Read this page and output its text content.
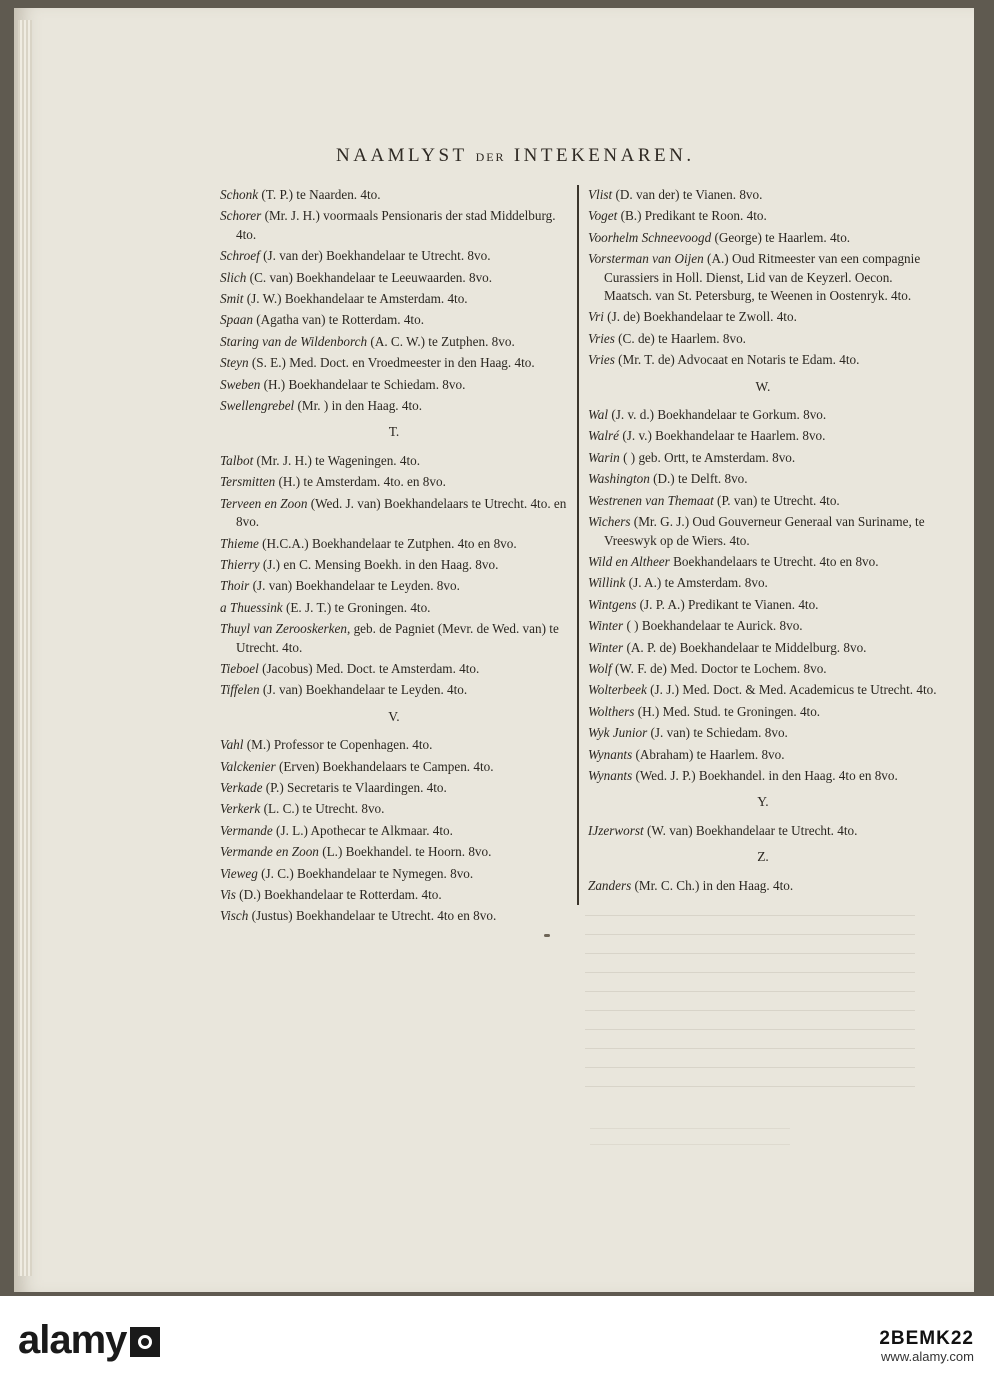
NAAMLYST DER INTEKENAREN.
Schonk (T. P.) te Naarden. 4to.
Schorer (Mr. J. H.) voormaals Pensionaris der stad Middelburg. 4to.
Schroef (J. van der) Boekhandelaar te Utrecht. 8vo.
Slich (C. van) Boekhandelaar te Leeuwaarden. 8vo.
Smit (J. W.) Boekhandelaar te Amsterdam. 4to.
Spaan (Agatha van) te Rotterdam. 4to.
Staring van de Wildenborch (A. C. W.) te Zutphen. 8vo.
Steyn (S. E.) Med. Doct. en Vroedmeester in den Haag. 4to.
Sweben (H.) Boekhandelaar te Schiedam. 8vo.
Swellengrebel (Mr. ) in den Haag. 4to.
T.
Talbot (Mr. J. H.) te Wageningen. 4to.
Tersmitten (H.) te Amsterdam. 4to. en 8vo.
Terveen en Zoon (Wed. J. van) Boekhandelaars te Utrecht. 4to. en 8vo.
Thieme (H.C.A.) Boekhandelaar te Zutphen. 4to en 8vo.
Thierry (J.) en C. Mensing Boekh. in den Haag. 8vo.
Thoir (J. van) Boekhandelaar te Leyden. 8vo.
a Thuessink (E. J. T.) te Groningen. 4to.
Thuyl van Zerooskerken, geb. de Pagniet (Mevr. de Wed. van) te Utrecht. 4to.
Tieboel (Jacobus) Med. Doct. te Amsterdam. 4to.
Tiffelen (J. van) Boekhandelaar te Leyden. 4to.
V.
Vahl (M.) Professor te Copenhagen. 4to.
Valckenier (Erven) Boekhandelaars te Campen. 4to.
Verkade (P.) Secretaris te Vlaardingen. 4to.
Verkerk (L. C.) te Utrecht. 8vo.
Vermande (J. L.) Apothecar te Alkmaar. 4to.
Vermande en Zoon (L.) Boekhandel. te Hoorn. 8vo.
Vieweg (J. C.) Boekhandelaar te Nymegen. 8vo.
Vis (D.) Boekhandelaar te Rotterdam. 4to.
Visch (Justus) Boekhandelaar te Utrecht. 4to en 8vo.
Vlist (D. van der) te Vianen. 8vo.
Voget (B.) Predikant te Roon. 4to.
Voorhelm Schneevoogd (George) te Haarlem. 4to.
Vorsterman van Oijen (A.) Oud Ritmeester van een compagnie Curassiers in Holl. Dienst, Lid van de Keyzerl. Oecon. Maatsch. van St. Petersburg, te Weenen in Oostenryk. 4to.
Vri (J. de) Boekhandelaar te Zwoll. 4to.
Vries (C. de) te Haarlem. 8vo.
Vries (Mr. T. de) Advocaat en Notaris te Edam. 4to.
W.
Wal (J. v. d.) Boekhandelaar te Gorkum. 8vo.
Walré (J. v.) Boekhandelaar te Haarlem. 8vo.
Warin ( ) geb. Ortt, te Amsterdam. 8vo.
Washington (D.) te Delft. 8vo.
Westrenen van Themaat (P. van) te Utrecht. 4to.
Wichers (Mr. G. J.) Oud Gouverneur Generaal van Suriname, te Vreeswyk op de Wiers. 4to.
Wild en Altheer Boekhandelaars te Utrecht. 4to en 8vo.
Willink (J. A.) te Amsterdam. 8vo.
Wintgens (J. P. A.) Predikant te Vianen. 4to.
Winter ( ) Boekhandelaar te Aurick. 8vo.
Winter (A. P. de) Boekhandelaar te Middelburg. 8vo.
Wolf (W. F. de) Med. Doctor te Lochem. 8vo.
Wolterbeek (J. J.) Med. Doct. & Med. Academicus te Utrecht. 4to.
Wolthers (H.) Med. Stud. te Groningen. 4to.
Wyk Junior (J. van) te Schiedam. 8vo.
Wynants (Abraham) te Haarlem. 8vo.
Wynants (Wed. J. P.) Boekhandel. in den Haag. 4to en 8vo.
Y.
IJzerworst (W. van) Boekhandelaar te Utrecht. 4to.
Z.
Zanders (Mr. C. Ch.) in den Haag. 4to.
alamy	2BEMK22
www.alamy.com
